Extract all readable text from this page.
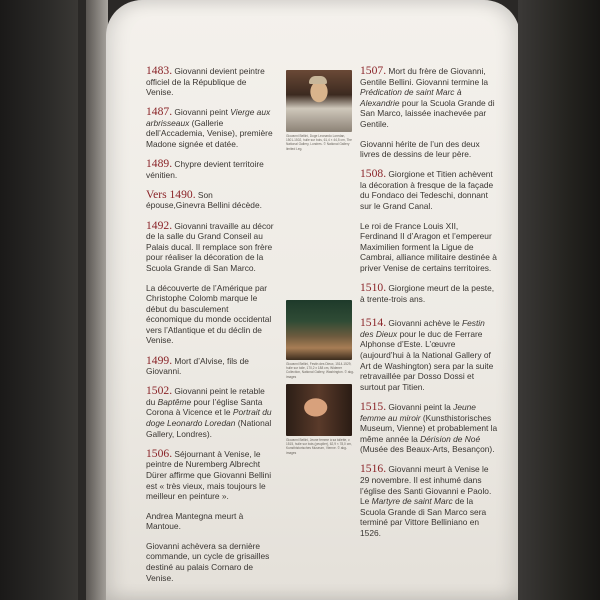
1483. Giovanni devient peintre officiel de la République de Venise.
1487. Giovanni peint Vierge aux arbrisseaux (Gallerie dell’Accademia, Venise), première Madone signée et datée.
1489. Chypre devient territoire vénitien.
Vers 1490. Son épouse,Ginevra Bellini décède.
1492. Giovanni travaille au décor de la salle du Grand Conseil au Palais ducal. Il remplace son frère pour réaliser la décoration de la Scuola Grande di San Marco.
La découverte de l’Amérique par Christophe Colomb marque le début du basculement économique du monde occidental vers l’Atlantique et du déclin de Venise.
1499. Mort d’Alvise, fils de Giovanni.
1502. Giovanni peint le retable du Baptême pour l’église Santa Corona à Vicence et le Portrait du doge Leonardo Loredan (National Gallery, Londres).
1506. Séjournant à Venise, le peintre de Nuremberg Albrecht Dürer affirme que Giovanni Bellini est « très vieux, mais toujours le meilleur en peinture ».
Andrea Mantegna meurt à Mantoue.
Giovanni achèvera sa dernière commande, un cycle de grisailles destiné au palais Cornaro de Venise.
Giovanni Bellini, Doge Leonardo Loredan, 1501-1502, huile sur bois, 61,4 × 44,5 cm, The National Gallery, Londres. © National Gallery limited Leg.
Giovanni Bellini, Festin des Dieux, 1514-1529, huile sur toile, 170,2 x 188 cm, Widener Collection, National Gallery, Washington. © akg-images
Giovanni Bellini, Jeune femme à sa toilette, v. 1515, huile sur bois (peuplier), 62,9 × 78,0 cm, Kunsthistorisches Museum, Vienne. © akg-images
1507. Mort du frère de Giovanni, Gentile Bellini. Giovanni termine la Prédication de saint Marc à Alexandrie pour la Scuola Grande di San Marco, laissée inachevée par Gentile.
Giovanni hérite de l’un des deux livres de dessins de leur père.
1508. Giorgione et Titien achèvent la décoration à fresque de la façade du Fondaco dei Tedeschi, donnant sur le Grand Canal.
Le roi de France Louis XII, Ferdinand II d’Aragon et l’empereur Maximilien forment la Ligue de Cambrai, alliance militaire destinée à priver Venise de certains territoires.
1510. Giorgione meurt de la peste, à trente-trois ans.
1514. Giovanni achève le Festin des Dieux pour le duc de Ferrare Alphonse d’Este. L’œuvre (aujourd’hui à la National Gallery of Art de Washington) sera par la suite retravaillée par Dosso Dossi et surtout par Titien.
1515. Giovanni peint la Jeune femme au miroir (Kunsthistorisches Museum, Vienne) et probablement la même année la Dérision de Noé (Musée des Beaux-Arts, Besançon).
1516. Giovanni meurt à Venise le 29 novembre. Il est inhumé dans l’église des Santi Giovanni e Paolo. Le Martyre de saint Marc de la Scuola Grande di San Marco sera terminé par Vittore Belliniano en 1526.
